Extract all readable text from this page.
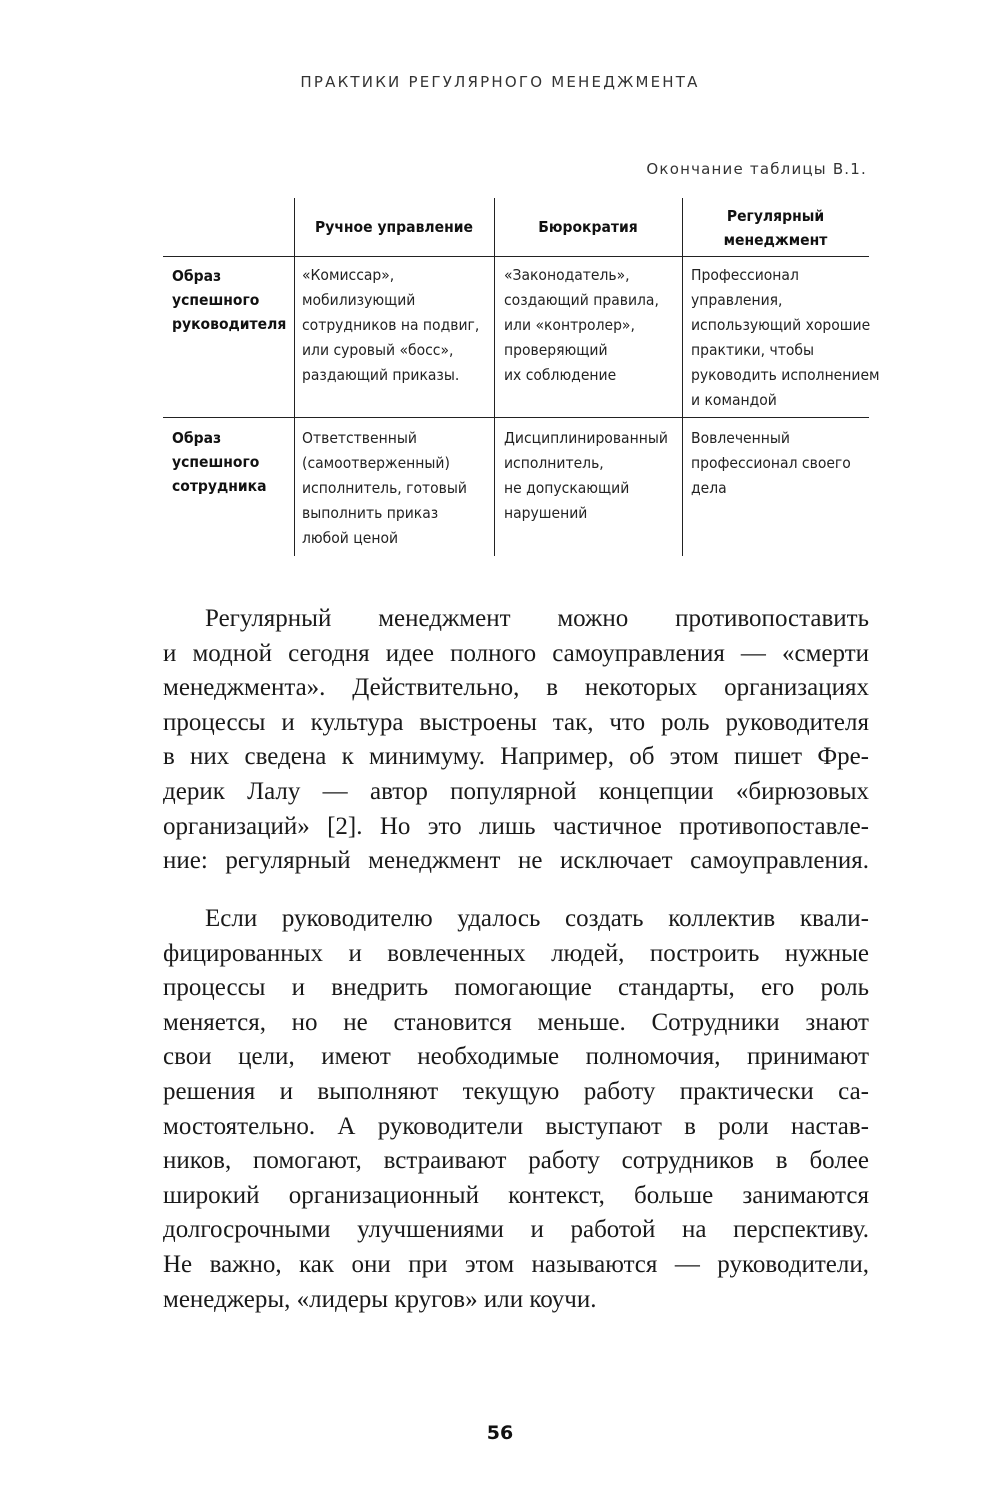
ПРАКТИКИ РЕГУЛЯРНОГО МЕНЕДЖМЕНТА
Окончание таблицы В.1.
Ручное управление	Бюрократия
Регулярный
менеджмент
Образ
успешного
руководителя
«Комиссар»,
мобилизующий
сотрудников на подвиг,
или суровый «босс»,
раздающий приказы.
«Законодатель»,
создающий правила,
или «контролер»,
проверяющий
их соблюдение
Профессионал
управления,
использующий хорошие
практики, чтобы
руководить исполнением
и командой
Образ
успешного
сотрудника
Ответственный
(самоотверженный)
исполнитель, готовый
выполнить приказ
любой ценой
Дисциплинированный
исполнитель,
не допускающий
нарушений
Вовлеченный
профессионал своего
дела
Регулярный менеджмент можно противопоставить
и модной сегодня идее полного самоуправления — «смерти
менеджмента». Действительно, в некоторых организациях
процессы и культура выстроены так, что роль руководителя
в них сведена к минимуму. Например, об этом пишет Фре-
дерик Лалу — автор популярной концепции «бирюзовых
организаций» [2]. Но это лишь частичное противопоставле-
ние: регулярный менеджмент не исключает самоуправления.
Если руководителю удалось создать коллектив квали-
фицированных и вовлеченных людей, построить нужные
процессы и внедрить помогающие стандарты, его роль
меняется, но не становится меньше. Сотрудники знают
свои цели, имеют необходимые полномочия, принимают
решения и выполняют текущую работу практически са-
мостоятельно. А руководители выступают в роли настав-
ников, помогают, встраивают работу сотрудников в более
широкий организационный контекст, больше занимаются
долгосрочными улучшениями и работой на перспективу.
Не важно, как они при этом называются — руководители,
менеджеры, «лидеры кругов» или коучи.
56
